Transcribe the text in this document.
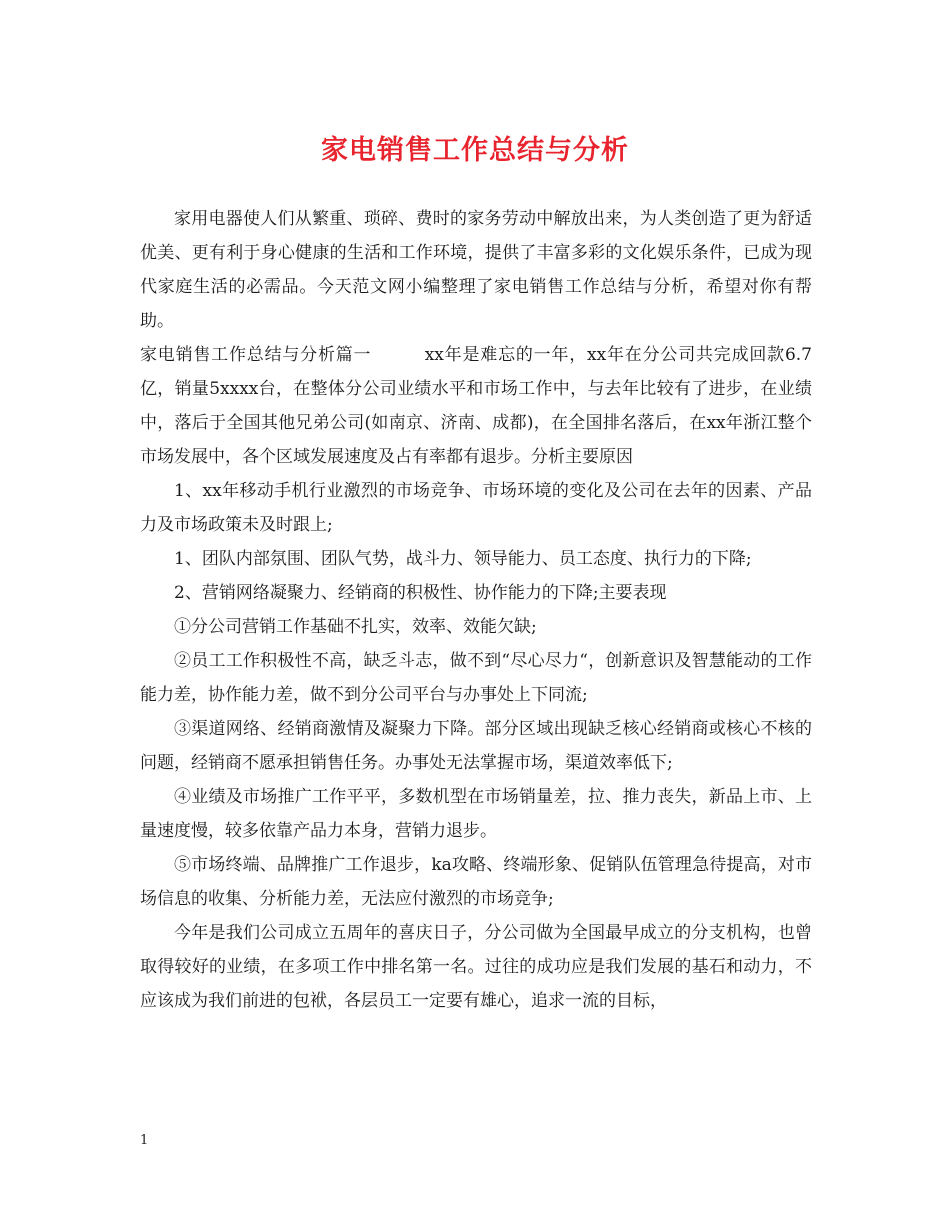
家电销售工作总结与分析

家用电器使人们从繁重、琐碎、费时的家务劳动中解放出来，为人类创造了更为舒适优美、更有利于身心健康的生活和工作环境，提供了丰富多彩的文化娱乐条件，已成为现代家庭生活的必需品。今天范文网小编整理了家电销售工作总结与分析，希望对你有帮助。

家电销售工作总结与分析篇一　　　xx年是难忘的一年，xx年在分公司共完成回款6.7亿，销量5xxxx台，在整体分公司业绩水平和市场工作中，与去年比较有了进步，在业绩中，落后于全国其他兄弟公司(如南京、济南、成都)，在全国排名落后，在xx年浙江整个市场发展中，各个区域发展速度及占有率都有退步。分析主要原因

1、xx年移动手机行业激烈的市场竞争、市场环境的变化及公司在去年的因素、产品力及市场政策未及时跟上;

1、团队内部氛围、团队气势，战斗力、领导能力、员工态度、执行力的下降;

2、营销网络凝聚力、经销商的积极性、协作能力的下降;主要表现

①分公司营销工作基础不扎实，效率、效能欠缺;

②员工工作积极性不高，缺乏斗志，做不到“尽心尽力“，创新意识及智慧能动的工作能力差，协作能力差，做不到分公司平台与办事处上下同流;

③渠道网络、经销商激情及凝聚力下降。部分区域出现缺乏核心经销商或核心不核的问题，经销商不愿承担销售任务。办事处无法掌握市场，渠道效率低下;

④业绩及市场推广工作平平，多数机型在市场销量差，拉、推力丧失，新品上市、上量速度慢，较多依靠产品力本身，营销力退步。

⑤市场终端、品牌推广工作退步，ka攻略、终端形象、促销队伍管理急待提高，对市场信息的收集、分析能力差，无法应付激烈的市场竞争;

今年是我们公司成立五周年的喜庆日子，分公司做为全国最早成立的分支机构，也曾取得较好的业绩，在多项工作中排名第一名。过往的成功应是我们发展的基石和动力，不应该成为我们前进的包袱，各层员工一定要有雄心，追求一流的目标，

1
